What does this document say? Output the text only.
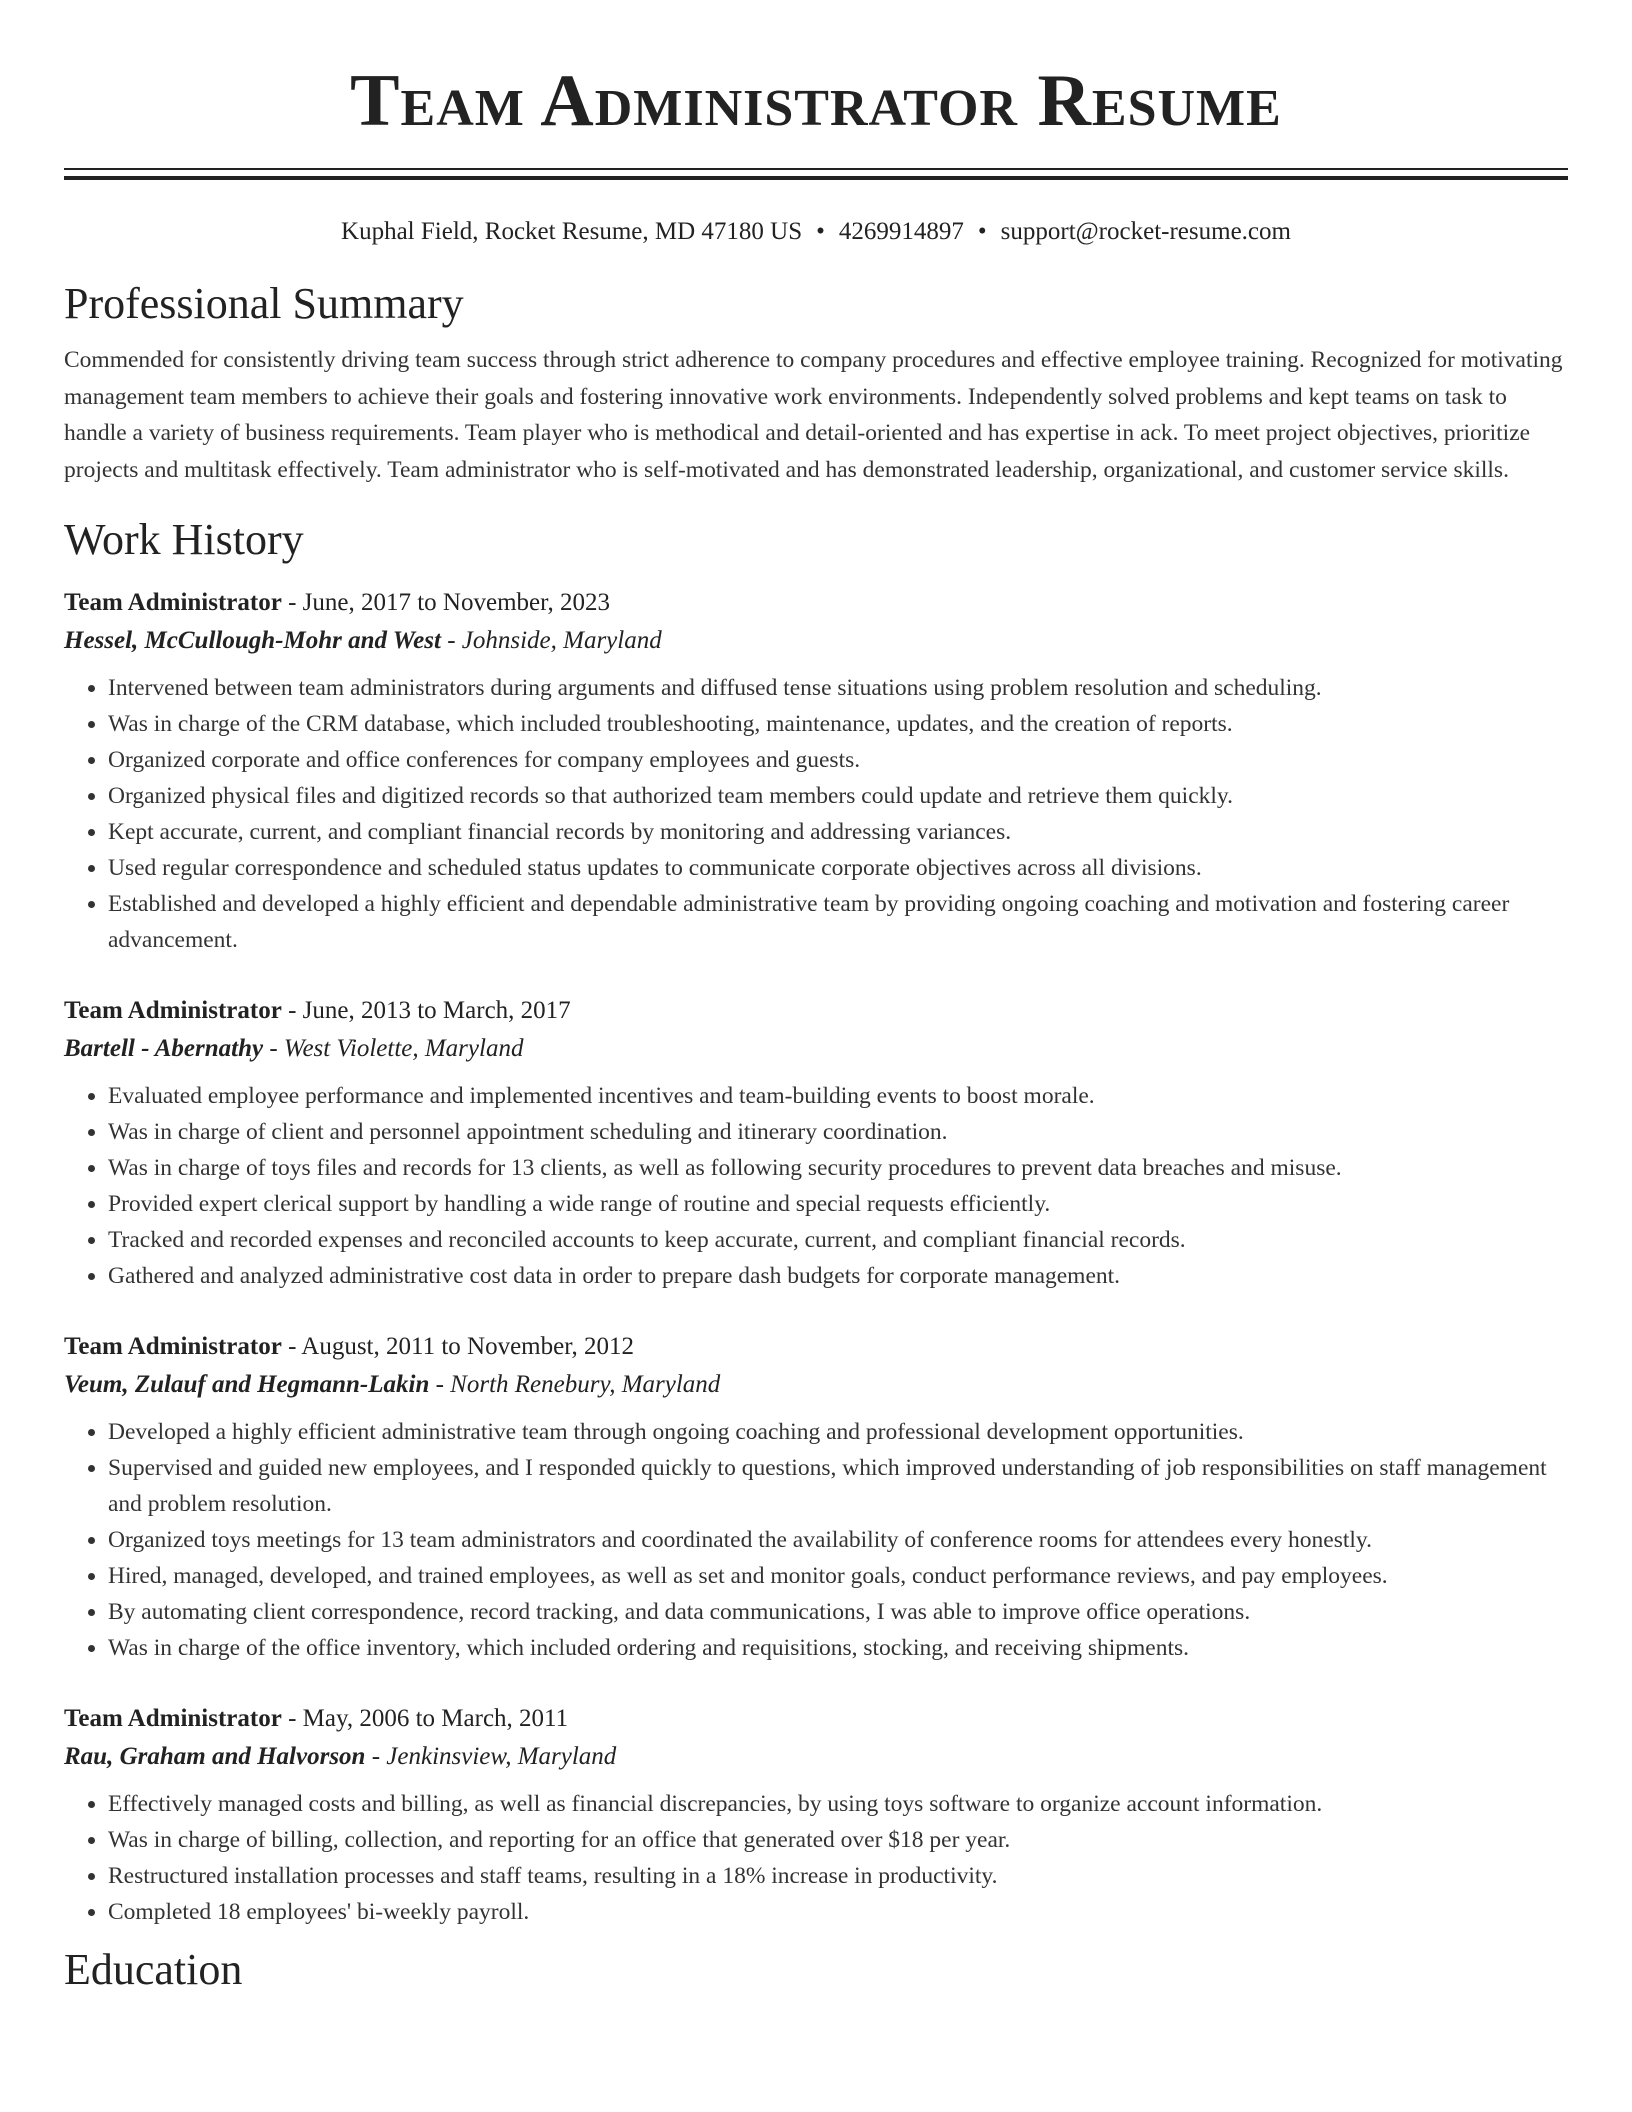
Team Administrator Resume
Kuphal Field, Rocket Resume, MD 47180 US • 4269914897 • support@rocket-resume.com
Professional Summary

Commended for consistently driving team success through strict adherence to company procedures and effective employee training. Recognized for motivating management team members to achieve their goals and fostering innovative work environments. Independently solved problems and kept teams on task to handle a variety of business requirements. Team player who is methodical and detail-oriented and has expertise in ack. To meet project objectives, prioritize projects and multitask effectively. Team administrator who is self-motivated and has demonstrated leadership, organizational, and customer service skills.

Work History
Team Administrator - June, 2017 to November, 2023
Hessel, McCullough-Mohr and West - Johnside, Maryland
• Intervened between team administrators during arguments and diffused tense situations using problem resolution and scheduling.
• Was in charge of the CRM database, which included troubleshooting, maintenance, updates, and the creation of reports.
• Organized corporate and office conferences for company employees and guests.
• Organized physical files and digitized records so that authorized team members could update and retrieve them quickly.
• Kept accurate, current, and compliant financial records by monitoring and addressing variances.
• Used regular correspondence and scheduled status updates to communicate corporate objectives across all divisions.
• Established and developed a highly efficient and dependable administrative team by providing ongoing coaching and motivation and fostering career advancement.
Team Administrator - June, 2013 to March, 2017
Bartell - Abernathy - West Violette, Maryland
• Evaluated employee performance and implemented incentives and team-building events to boost morale.
• Was in charge of client and personnel appointment scheduling and itinerary coordination.
• Was in charge of toys files and records for 13 clients, as well as following security procedures to prevent data breaches and misuse.
• Provided expert clerical support by handling a wide range of routine and special requests efficiently.
• Tracked and recorded expenses and reconciled accounts to keep accurate, current, and compliant financial records.
• Gathered and analyzed administrative cost data in order to prepare dash budgets for corporate management.
Team Administrator - August, 2011 to November, 2012
Veum, Zulauf and Hegmann-Lakin - North Renebury, Maryland
• Developed a highly efficient administrative team through ongoing coaching and professional development opportunities.
• Supervised and guided new employees, and I responded quickly to questions, which improved understanding of job responsibilities on staff management and problem resolution.
• Organized toys meetings for 13 team administrators and coordinated the availability of conference rooms for attendees every honestly.
• Hired, managed, developed, and trained employees, as well as set and monitor goals, conduct performance reviews, and pay employees.
• By automating client correspondence, record tracking, and data communications, I was able to improve office operations.
• Was in charge of the office inventory, which included ordering and requisitions, stocking, and receiving shipments.
Team Administrator - May, 2006 to March, 2011
Rau, Graham and Halvorson - Jenkinsview, Maryland
• Effectively managed costs and billing, as well as financial discrepancies, by using toys software to organize account information.
• Was in charge of billing, collection, and reporting for an office that generated over $18 per year.
• Restructured installation processes and staff teams, resulting in a 18% increase in productivity.
• Completed 18 employees' bi-weekly payroll.
Education
